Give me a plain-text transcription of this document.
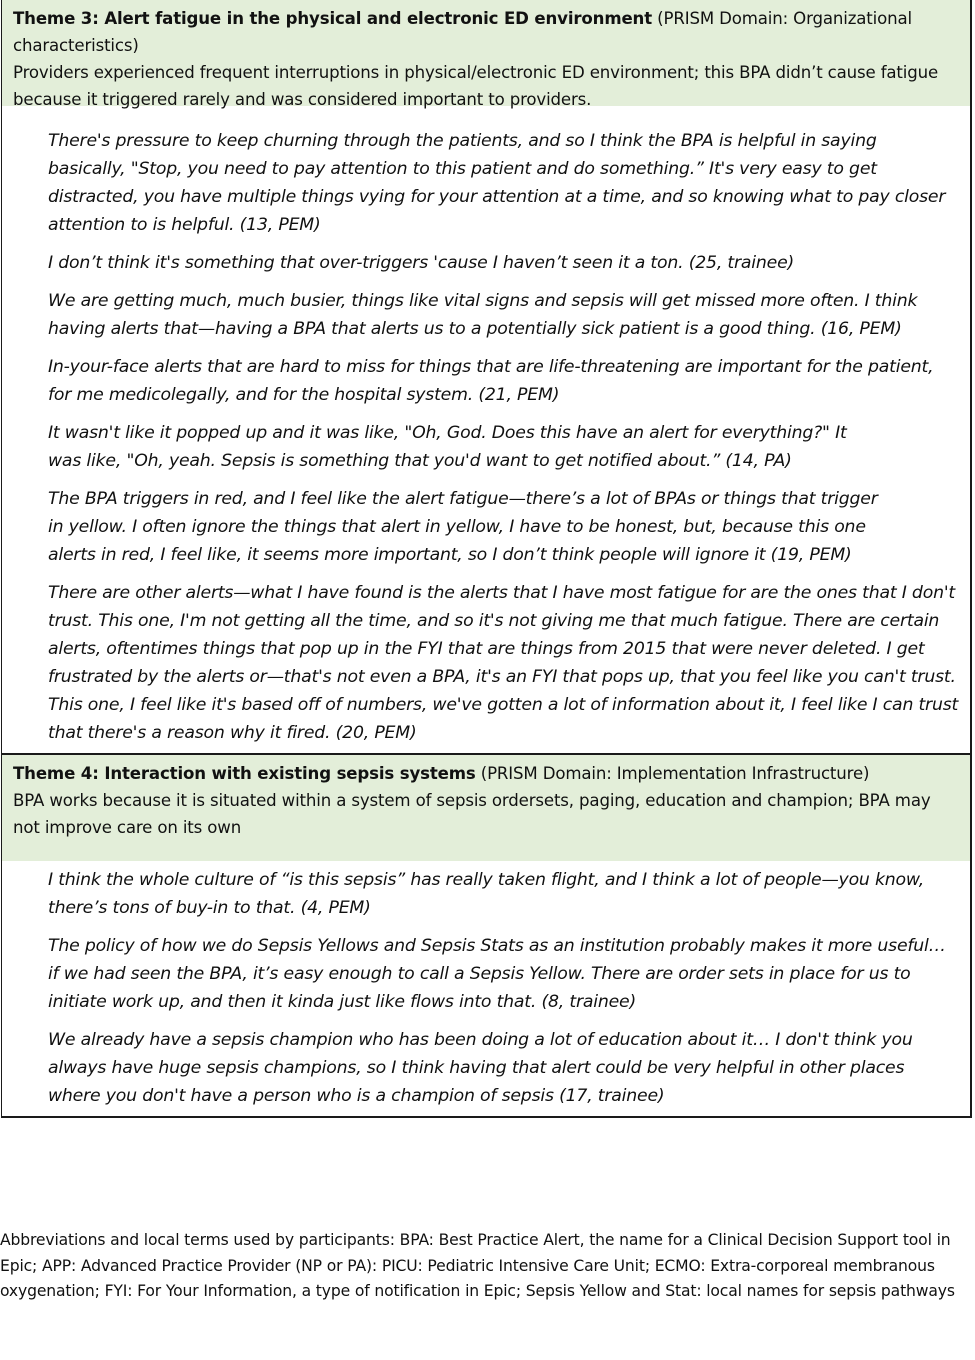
Theme 3: Alert fatigue in the physical and electronic ED environment (PRISM Domain: Organizational characteristics)
Providers experienced frequent interruptions in physical/electronic ED environment; this BPA didn’t cause fatigue because it triggered rarely and was considered important to providers.
There's pressure to keep churning through the patients, and so I think the BPA is helpful in saying basically, "Stop, you need to pay attention to this patient and do something.” It's very easy to get distracted, you have multiple things vying for your attention at a time, and so knowing what to pay closer attention to is helpful. (13, PEM)
I don’t think it's something that over-triggers 'cause I haven’t seen it a ton. (25, trainee)
We are getting much, much busier, things like vital signs and sepsis will get missed more often. I think having alerts that—having a BPA that alerts us to a potentially sick patient is a good thing. (16, PEM)
In-your-face alerts that are hard to miss for things that are life-threatening are important for the patient, for me medicolegally, and for the hospital system. (21, PEM)
It wasn't like it popped up and it was like, "Oh, God. Does this have an alert for everything?" It was like, "Oh, yeah. Sepsis is something that you'd want to get notified about.” (14, PA)
The BPA triggers in red, and I feel like the alert fatigue—there’s a lot of BPAs or things that trigger in yellow. I often ignore the things that alert in yellow, I have to be honest, but, because this one alerts in red, I feel like, it seems more important, so I don’t think people will ignore it (19, PEM)
There are other alerts—what I have found is the alerts that I have most fatigue for are the ones that I don't trust. This one, I'm not getting all the time, and so it's not giving me that much fatigue. There are certain alerts, oftentimes things that pop up in the FYI that are things from 2015 that were never deleted. I get frustrated by the alerts or—that's not even a BPA, it's an FYI that pops up, that you feel like you can't trust. This one, I feel like it's based off of numbers, we've gotten a lot of information about it, I feel like I can trust that there's a reason why it fired. (20, PEM)
Theme 4: Interaction with existing sepsis systems (PRISM Domain: Implementation Infrastructure)
BPA works because it is situated within a system of sepsis ordersets, paging, education and champion; BPA may not improve care on its own
I think the whole culture of “is this sepsis” has really taken flight, and I think a lot of people—you know, there’s tons of buy-in to that. (4, PEM)
The policy of how we do Sepsis Yellows and Sepsis Stats as an institution probably makes it more useful… if we had seen the BPA, it’s easy enough to call a Sepsis Yellow. There are order sets in place for us to initiate work up, and then it kinda just like flows into that. (8, trainee)
We already have a sepsis champion who has been doing a lot of education about it… I don't think you always have huge sepsis champions, so I think having that alert could be very helpful in other places where you don't have a person who is a champion of sepsis (17, trainee)
Abbreviations and local terms used by participants: BPA: Best Practice Alert, the name for a Clinical Decision Support tool in Epic; APP: Advanced Practice Provider (NP or PA): PICU: Pediatric Intensive Care Unit; ECMO: Extra-corporeal membranous oxygenation; FYI: For Your Information, a type of notification in Epic; Sepsis Yellow and Stat: local names for sepsis pathways
